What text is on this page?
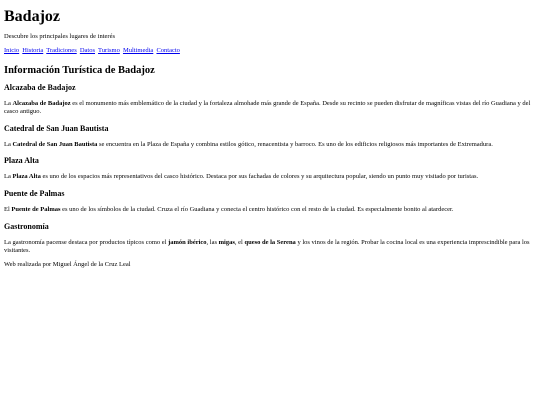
Badajoz

Descubre los principales lugares de interés

Inicio Historia Tradiciones Datos Turismo Multimedia Contacto
Información Turística de Badajoz
Alcazaba de Badajoz

La Alcazaba de Badajoz es el monumento más emblemático de la ciudad y la fortaleza almohade más grande de España. Desde su recinto se pueden disfrutar de magníficas vistas del río Guadiana y del casco antiguo.

Catedral de San Juan Bautista

La Catedral de San Juan Bautista se encuentra en la Plaza de España y combina estilos gótico, renacentista y barroco. Es uno de los edificios religiosos más importantes de Extremadura.

Plaza Alta

La Plaza Alta es uno de los espacios más representativos del casco histórico. Destaca por sus fachadas de colores y su arquitectura popular, siendo un punto muy visitado por turistas.

Puente de Palmas

El Puente de Palmas es uno de los símbolos de la ciudad. Cruza el río Guadiana y conecta el centro histórico con el resto de la ciudad. Es especialmente bonito al atardecer.

Gastronomía

La gastronomía pacense destaca por productos típicos como el jamón ibérico, las migas, el queso de la Serena y los vinos de la región. Probar la cocina local es una experiencia imprescindible para los visitantes.

Web realizada por Miguel Ángel de la Cruz Leal
